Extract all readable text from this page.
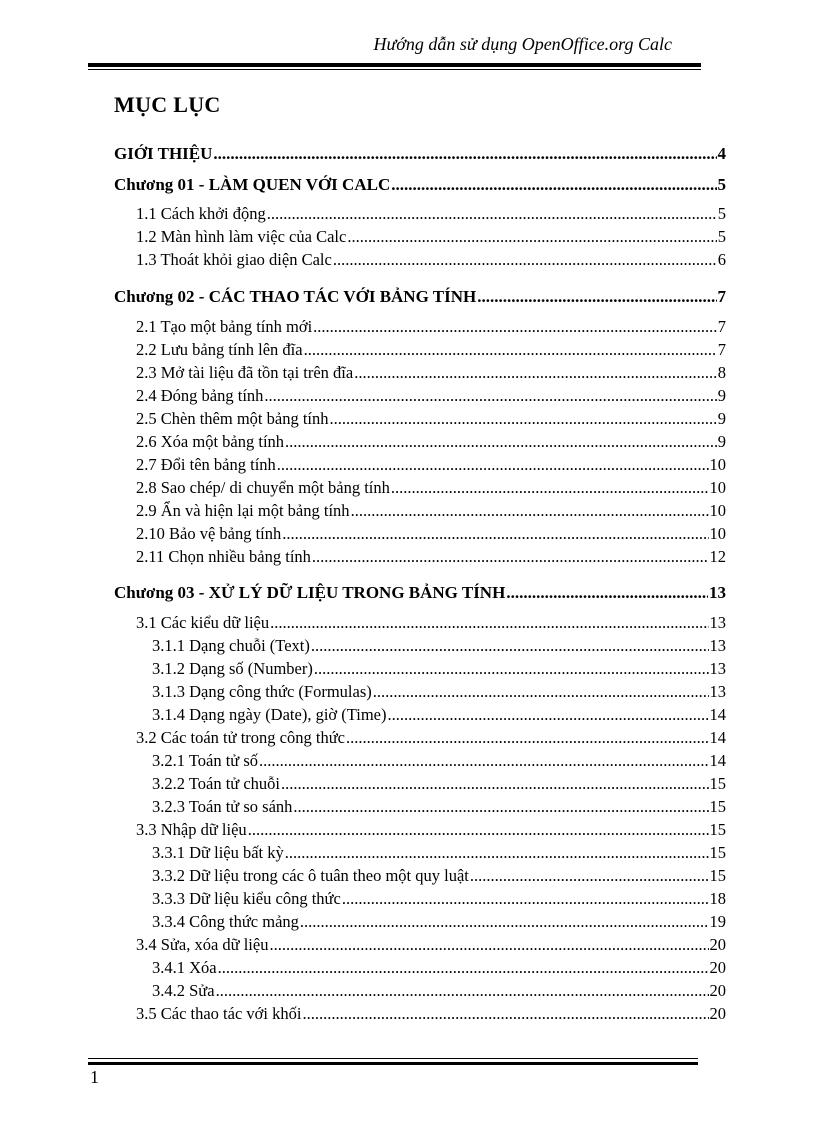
Hướng dẫn sử dụng OpenOffice.org Calc
MỤC LỤC
GIỚI THIỆU .....	4
Chương 01 - LÀM QUEN VỚI CALC .....	5
1.1 Cách khởi động .....	5
1.2 Màn hình làm việc của Calc .....	5
1.3 Thoát khỏi giao diện Calc .....	6
Chương 02 - CÁC THAO TÁC VỚI BẢNG TÍNH .....	7
2.1 Tạo một bảng tính mới .....	7
2.2 Lưu bảng tính lên đĩa .....	7
2.3 Mở tài liệu đã tồn tại trên đĩa .....	8
2.4 Đóng bảng tính .....	9
2.5 Chèn thêm một bảng tính .....	9
2.6 Xóa một bảng tính .....	9
2.7 Đổi tên bảng tính .....	10
2.8 Sao chép/ di chuyển một bảng tính .....	10
2.9 Ẩn và hiện lại một bảng tính .....	10
2.10 Bảo vệ bảng tính .....	10
2.11 Chọn nhiều bảng tính .....	12
Chương 03 - XỬ LÝ DỮ LIỆU TRONG BẢNG TÍNH .....	13
3.1 Các kiểu dữ liệu .....	13
3.1.1 Dạng chuỗi (Text) .....	13
3.1.2 Dạng số (Number) .....	13
3.1.3 Dạng công thức (Formulas) .....	13
3.1.4 Dạng ngày (Date), giờ (Time) .....	14
3.2 Các toán tử trong công thức .....	14
3.2.1 Toán tử số .....	14
3.2.2 Toán tử chuỗi .....	15
3.2.3 Toán tử so sánh .....	15
3.3 Nhập dữ liệu .....	15
3.3.1 Dữ liệu bất kỳ .....	15
3.3.2 Dữ liệu trong các ô tuân theo một quy luật .....	15
3.3.3 Dữ liệu kiểu công thức .....	18
3.3.4 Công thức mảng .....	19
3.4 Sửa, xóa dữ liệu .....	20
3.4.1 Xóa .....	20
3.4.2 Sửa .....	20
3.5 Các thao tác với khối .....	20
1
